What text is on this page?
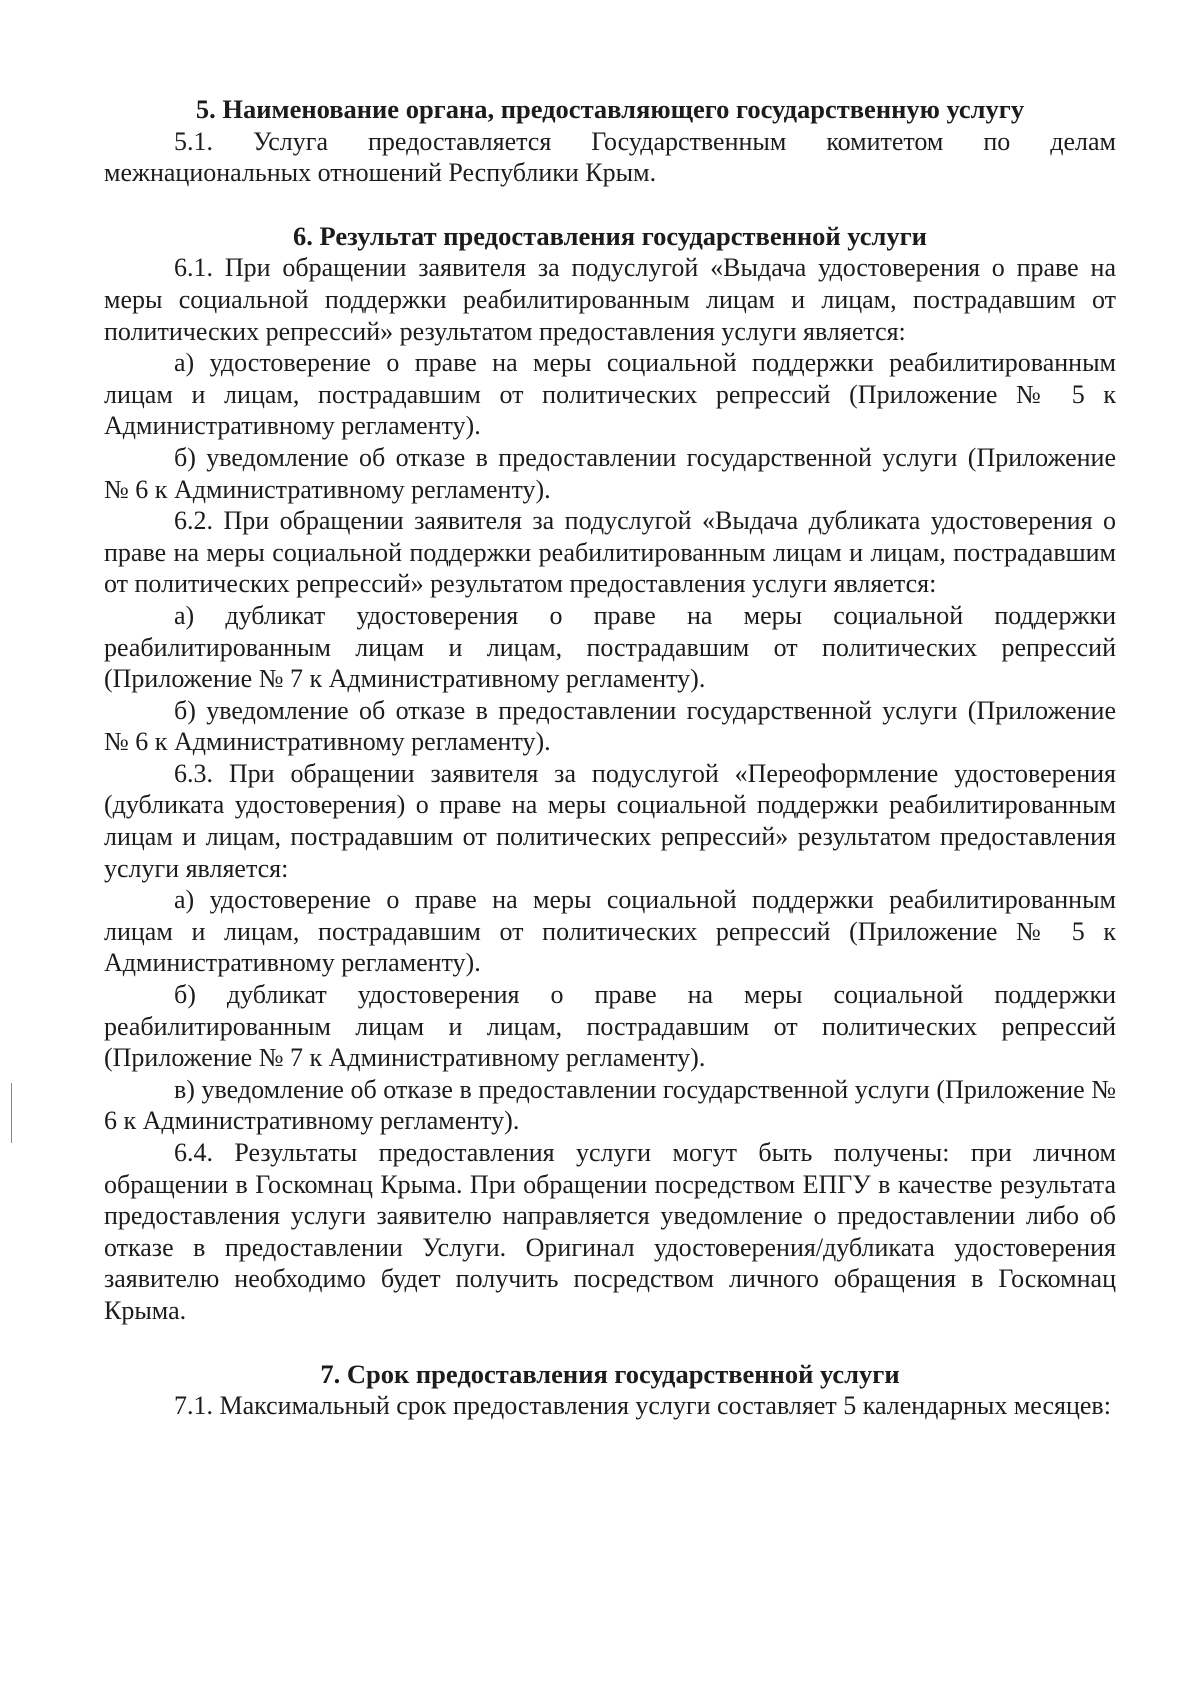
5. Наименование органа, предоставляющего государственную услугу

5.1. Услуга предоставляется Государственным комитетом по делам межнациональных отношений Республики Крым.

6. Результат предоставления государственной услуги

6.1. При обращении заявителя за подуслугой «Выдача удостоверения о праве на меры социальной поддержки реабилитированным лицам и лицам, пострадавшим от политических репрессий» результатом предоставления услуги является:

а) удостоверение о праве на меры социальной поддержки реабилитированным лицам и лицам, пострадавшим от политических репрессий (Приложение № 5 к Административному регламенту).

б) уведомление об отказе в предоставлении государственной услуги (Приложение № 6 к Административному регламенту).

6.2. При обращении заявителя за подуслугой «Выдача дубликата удостоверения о праве на меры социальной поддержки реабилитированным лицам и лицам, пострадавшим от политических репрессий» результатом предоставления услуги является:

а) дубликат удостоверения о праве на меры социальной поддержки реабилитированным лицам и лицам, пострадавшим от политических репрессий (Приложение № 7 к Административному регламенту).

б) уведомление об отказе в предоставлении государственной услуги (Приложение № 6 к Административному регламенту).

6.3. При обращении заявителя за подуслугой «Переоформление удостоверения (дубликата удостоверения) о праве на меры социальной поддержки реабилитированным лицам и лицам, пострадавшим от политических репрессий» результатом предоставления услуги является:

а) удостоверение о праве на меры социальной поддержки реабилитированным лицам и лицам, пострадавшим от политических репрессий (Приложение № 5 к Административному регламенту).

б) дубликат удостоверения о праве на меры социальной поддержки реабилитированным лицам и лицам, пострадавшим от политических репрессий (Приложение № 7 к Административному регламенту).

в) уведомление об отказе в предоставлении государственной услуги (Приложение № 6 к Административному регламенту).

6.4. Результаты предоставления услуги могут быть получены: при личном обращении в Госкомнац Крыма. При обращении посредством ЕПГУ в качестве результата предоставления услуги заявителю направляется уведомление о предоставлении либо об отказе в предоставлении Услуги. Оригинал удостоверения/дубликата удостоверения заявителю необходимо будет получить посредством личного обращения в Госкомнац Крыма.

7. Срок предоставления государственной услуги

7.1. Максимальный срок предоставления услуги составляет 5 календарных месяцев:
